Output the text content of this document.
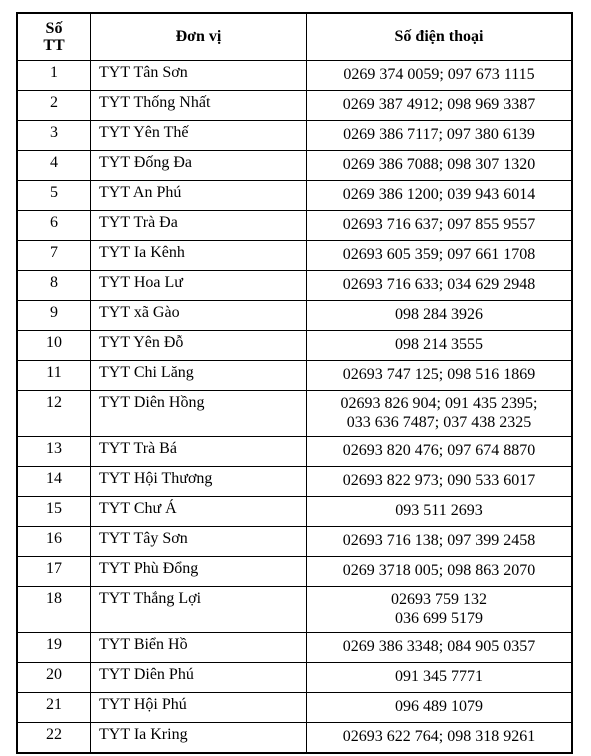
Số
TT
Đơn vị	Số điện thoại
1	TYT Tân Sơn	0269 374 0059; 097 673 1115
2	TYT Thống Nhất	0269 387 4912; 098 969 3387
3	TYT Yên Thế	0269 386 7117; 097 380 6139
4	TYT Đống Đa	0269 386 7088; 098 307 1320
5	TYT An Phú	0269 386 1200; 039 943 6014
6	TYT Trà Đa	02693 716 637; 097 855 9557
7	TYT Ia Kênh	02693 605 359; 097 661 1708
8	TYT Hoa Lư	02693 716 633; 034 629 2948
9	TYT xã Gào	098 284 3926
10	TYT Yên Đỗ	098 214 3555
11	TYT Chi Lăng	02693 747 125; 098 516 1869
12	TYT Diên Hồng	02693 826 904; 091 435 2395;
033 636 7487; 037 438 2325
13	TYT Trà Bá	02693 820 476; 097 674 8870
14	TYT Hội Thương	02693 822 973; 090 533 6017
15	TYT Chư Á	093 511 2693
16	TYT Tây Sơn	02693 716 138; 097 399 2458
17	TYT Phù Đổng	0269 3718 005; 098 863 2070
18	TYT Thắng Lợi	02693 759 132
036 699 5179
19	TYT Biển Hồ	0269 386 3348; 084 905 0357
20	TYT Diên Phú	091 345 7771
21	TYT Hội Phú	096 489 1079
22	TYT Ia Kring	02693 622 764; 098 318 9261
